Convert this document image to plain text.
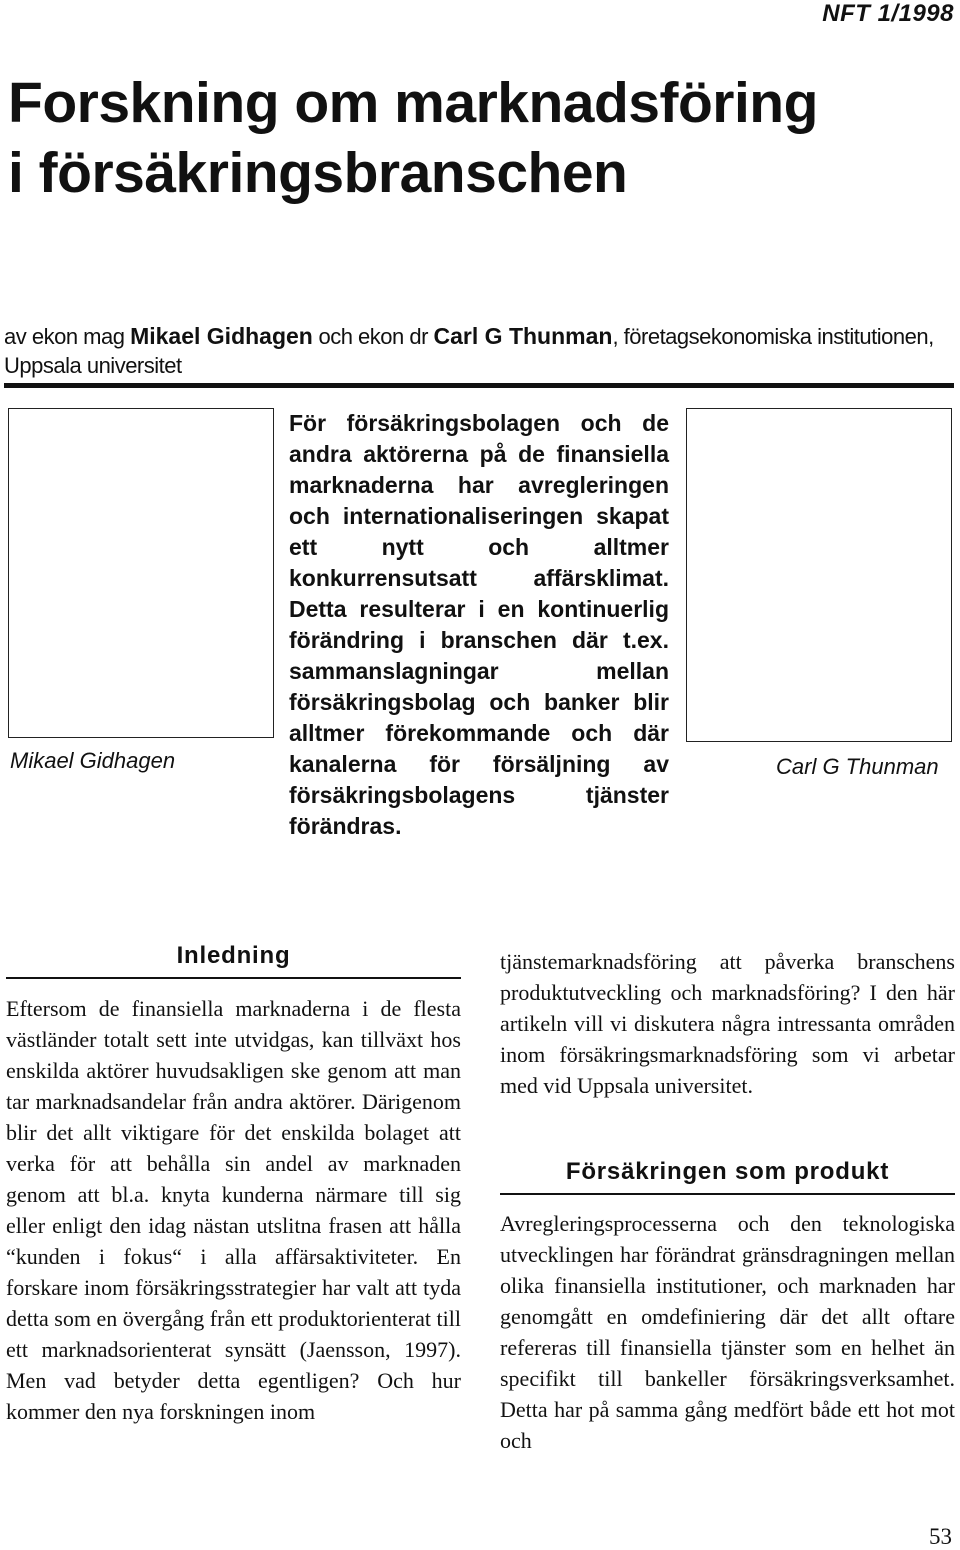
NFT 1/1998
Forskning om marknadsföring
i försäkringsbranschen
av ekon mag Mikael Gidhagen och ekon dr Carl G Thunman, företagsekonomiska institutionen, Uppsala universitet
Mikael Gidhagen

För försäkringsbolagen och de andra aktörerna på de finansiella marknaderna har avregleringen och internationaliseringen skapat ett nytt och alltmer konkurrensutsatt affärsklimat. Detta resulterar i en kontinuerlig förändring i branschen där t.ex. sammanslagningar mellan försäkringsbolag och banker blir alltmer förekommande och där kanalerna för försäljning av försäkringsbolagens tjänster förändras.

Carl G Thunman
Inledning

Eftersom de finansiella marknaderna i de flesta västländer totalt sett inte utvidgas, kan tillväxt hos enskilda aktörer huvudsakligen ske genom att man tar marknadsandelar från andra aktörer. Därigenom blir det allt viktigare för det enskilda bolaget att verka för att behålla sin andel av marknaden genom att bl.a. knyta kunderna närmare till sig eller enligt den idag nästan utslitna frasen att hålla “kunden i fokus“ i alla affärsaktiviteter. En forskare inom försäkringsstrategier har valt att tyda detta som en övergång från ett produktorienterat till ett marknadsorienterat synsätt (Jaensson, 1997). Men vad betyder detta egentligen? Och hur kommer den nya forskningen inom

tjänstemarknadsföring att påverka branschens produktutveckling och marknadsföring? I den här artikeln vill vi diskutera några intressanta områden inom försäkringsmarknadsföring som vi arbetar med vid Uppsala universitet.

Försäkringen som produkt

Avregleringsprocesserna och den teknologiska utvecklingen har förändrat gränsdragningen mellan olika finansiella institutioner, och marknaden har genomgått en omdefiniering där det allt oftare refereras till finansiella tjänster som en helhet än specifikt till bankeller försäkringsverksamhet. Detta har på samma gång medfört både ett hot mot och

53
